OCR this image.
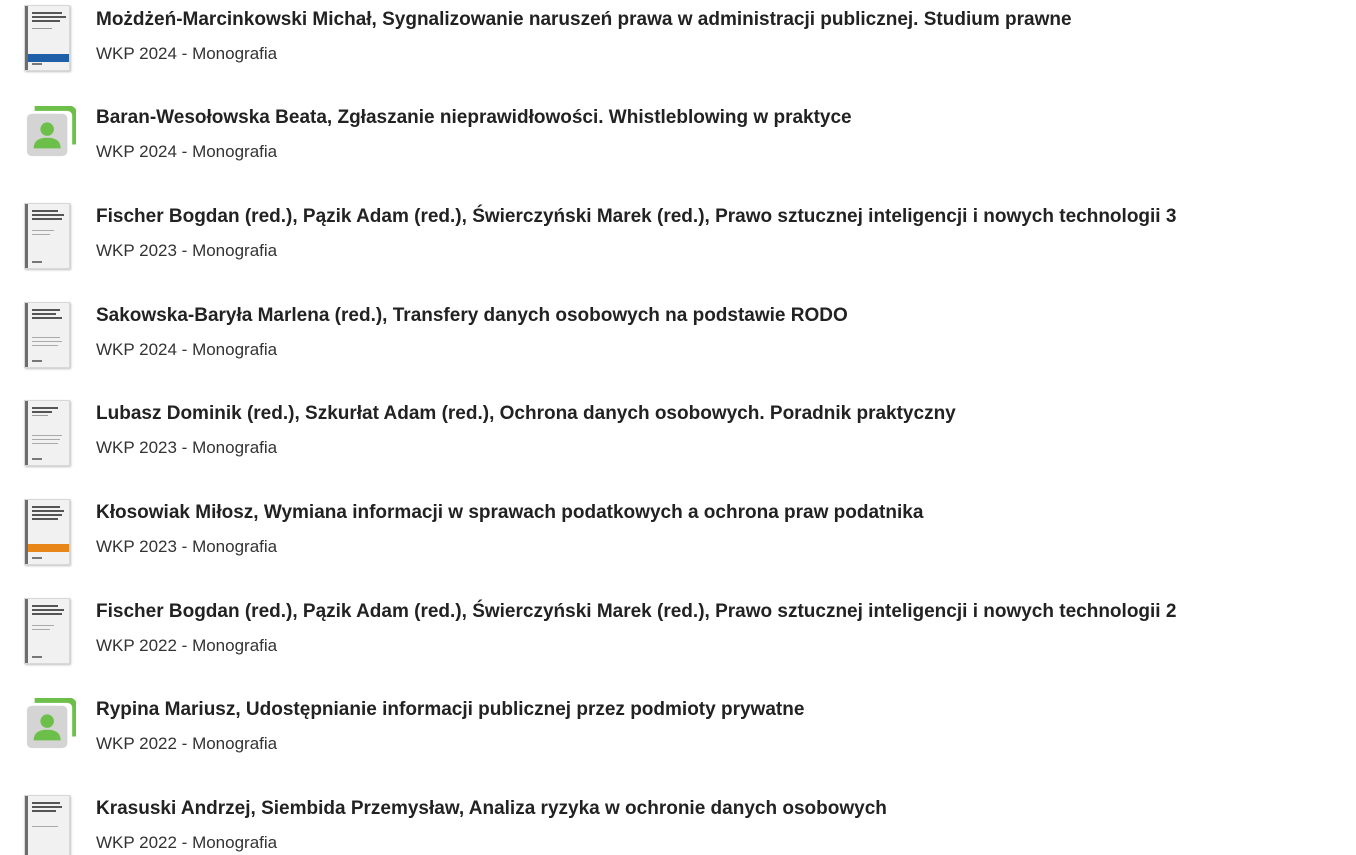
Możdżeń-Marcinkowski Michał, Sygnalizowanie naruszeń prawa w administracji publicznej. Studium prawne
WKP 2024 - Monografia
Baran-Wesołowska Beata, Zgłaszanie nieprawidłowości. Whistleblowing w praktyce
WKP 2024 - Monografia
Fischer Bogdan (red.), Pązik Adam (red.), Świerczyński Marek (red.), Prawo sztucznej inteligencji i nowych technologii 3
WKP 2023 - Monografia
Sakowska-Baryła Marlena (red.), Transfery danych osobowych na podstawie RODO
WKP 2024 - Monografia
Lubasz Dominik (red.), Szkurłat Adam (red.), Ochrona danych osobowych. Poradnik praktyczny
WKP 2023 - Monografia
Kłosowiak Miłosz, Wymiana informacji w sprawach podatkowych a ochrona praw podatnika
WKP 2023 - Monografia
Fischer Bogdan (red.), Pązik Adam (red.), Świerczyński Marek (red.), Prawo sztucznej inteligencji i nowych technologii 2
WKP 2022 - Monografia
Rypina Mariusz, Udostępnianie informacji publicznej przez podmioty prywatne
WKP 2022 - Monografia
Krasuski Andrzej, Siembida Przemysław, Analiza ryzyka w ochronie danych osobowych
WKP 2022 - Monografia
